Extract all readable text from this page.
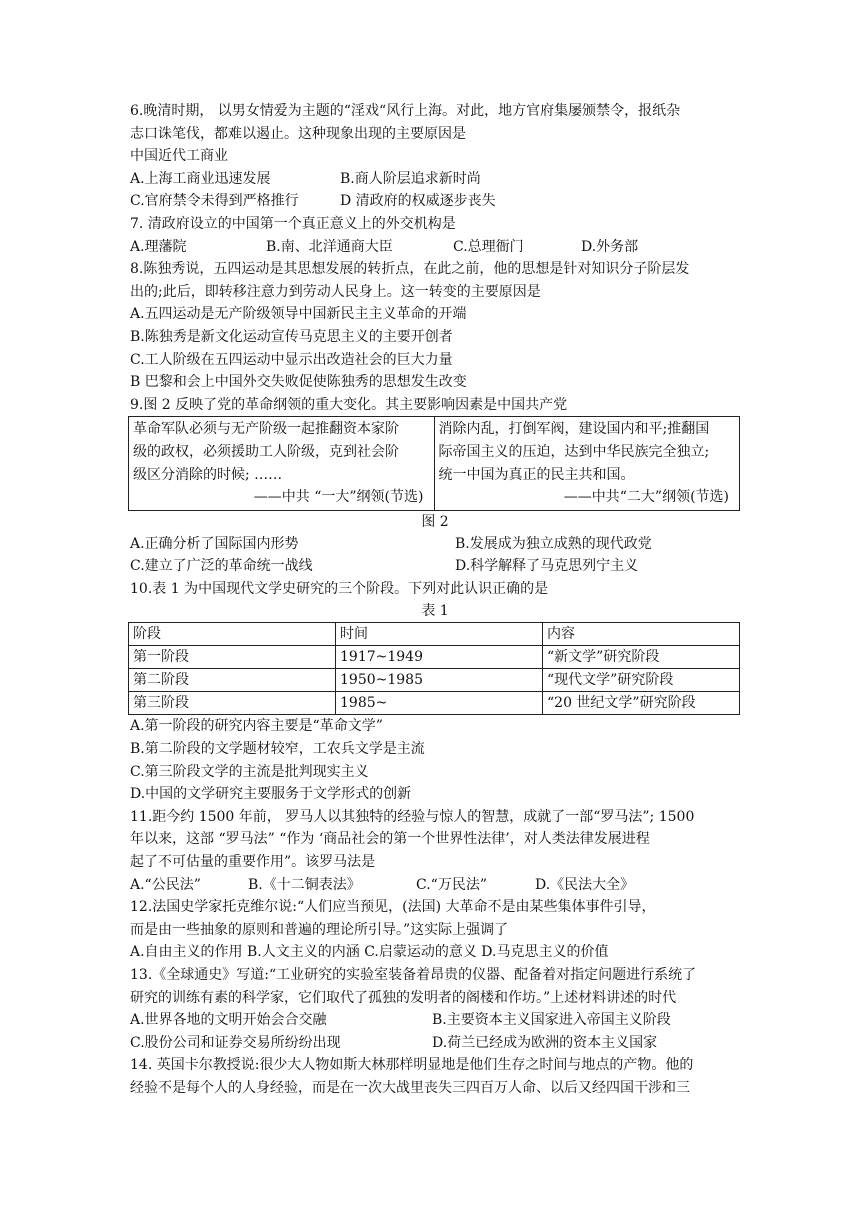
6.晚清时期， 以男女情爱为主题的“淫戏“风行上海。对此，地方官府集屡颁禁令，报纸杂
志口诛笔伐，都难以遏止。这种现象出现的主要原因是
中国近代工商业
A.上海工商业迅速发展	B.商人阶层追求新时尚
C.官府禁令未得到严格推行	D 清政府的权威逐步丧失
7. 清政府设立的中国第一个真正意义上的外交机构是
A.理藩院	B.南、北洋通商大臣	C.总理衙门	D.外务部
8.陈独秀说，五四运动是其思想发展的转折点，在此之前，他的思想是针对知识分子阶层发
出的;此后，即转移注意力到劳动人民身上。这一转变的主要原因是
A.五四运动是无产阶级领导中国新民主主义革命的开端
B.陈独秀是新文化运动宣传马克思主义的主要开创者
C.工人阶级在五四运动中显示出改造社会的巨大力量
B 巴黎和会上中国外交失败促使陈独秀的思想发生改变
9.图 2 反映了党的革命纲领的重大变化。其主要影响因素是中国共产党
革命军队必须与无产阶级一起推翻资本家阶
级的政权，必须援助工人阶级，克到社会阶
级区分消除的时候; ……
——中共 “一大”纲领(节选)

消除内乱，打倒军阀，建设国内和平;推翻国
际帝国主义的压迫，达到中华民族完全独立;
统一中国为真正的民主共和国。
——中共“二大”纲领(节选)
图 2
A.正确分析了国际国内形势	B.发展成为独立成熟的现代政党
C.建立了广泛的革命统一战线	D.科学解释了马克思列宁主义
10.表 1 为中国现代文学史研究的三个阶段。下列对此认识正确的是
表 1
阶段	时间	内容
第一阶段	1917~1949	“新文学”研究阶段
第二阶段	1950~1985	“现代文学”研究阶段
第三阶段	1985~	“20 世纪文学”研究阶段
A.第一阶段的研究内容主要是“革命文学”
B.第二阶段的文学题材较窄，工农兵文学是主流
C.第三阶段文学的主流是批判现实主义
D.中国的文学研究主要服务于文学形式的创新
11.距今约 1500 年前， 罗马人以其独特的经验与惊人的智慧，成就了一部“罗马法”; 1500
年以来，这部 “罗马法” “作为 ‘商品社会的第一个世界性法律’，对人类法律发展进程
起了不可估量的重要作用”。该罗马法是
A.“公民法”	B.《十二铜表法》	C.“万民法”	D.《民法大全》
12.法国史学家托克维尔说:“人们应当预见，(法国) 大革命不是由某些集体事件引导，
而是由一些抽象的原则和普遍的理论所引导。”这实际上强调了
A.自由主义的作用 B.人文主义的内涵 C.启蒙运动的意义 D.马克思主义的价值
13.《全球通史》写道:“工业研究的实验室装备着昂贵的仪器、配备着对指定问题进行系统了
研究的训练有素的科学家，它们取代了孤独的发明者的阁楼和作坊。”上述材料讲述的时代
A.世界各地的文明开始会合交融	B.主要资本主义国家进入帝国主义阶段
C.股份公司和证券交易所纷纷出现	D.荷兰已经成为欧洲的资本主义国家
14. 英国卡尔教授说:很少大人物如斯大林那样明显地是他们生存之时间与地点的产物。他的
经验不是每个人的人身经验，而是在一次大战里丧失三四百万人命、以后又经四国干涉和三
